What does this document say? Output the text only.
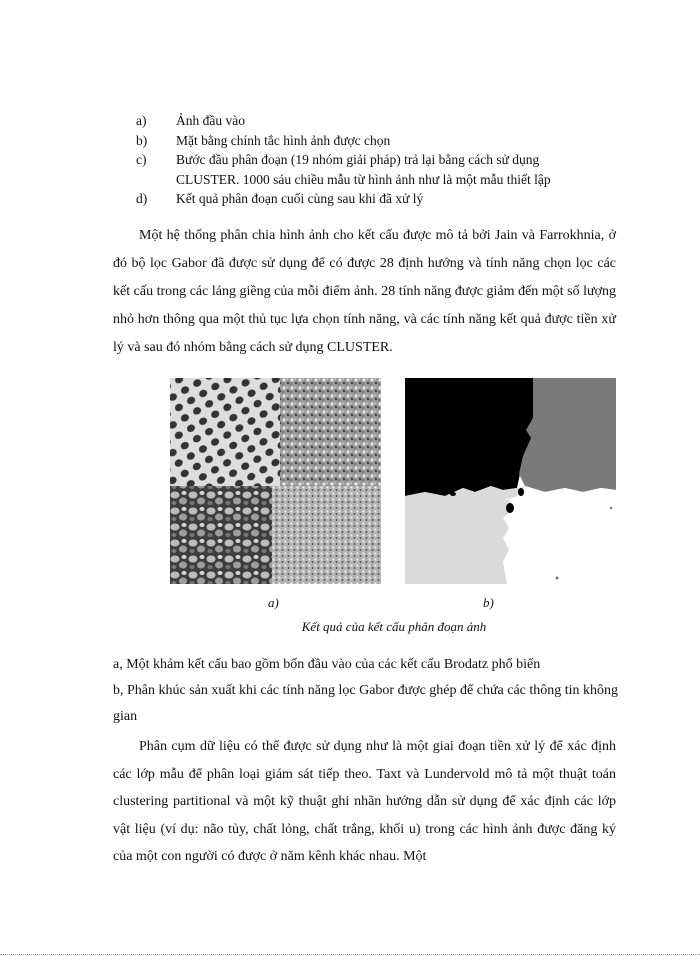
a)	Ảnh đầu vào
b)	Mặt bằng chính tắc hình ảnh được chọn
c)	Bước đầu phân đoạn (19 nhóm giải pháp) trả lại bằng cách sử dụng
CLUSTER. 1000 sáu chiều mẫu từ hình ảnh như là một mẫu thiết lập
d)	Kết quả phân đoạn cuối cùng sau khi đã xử lý
Một hệ thống phân chia hình ảnh cho kết cấu được mô tả bởi Jain và Farrokhnia, ở đó bộ lọc Gabor đã được sử dụng để có được 28 định hướng và tính năng chọn lọc các kết cấu trong các láng giềng của mỗi điểm ảnh. 28 tính năng được giảm đến một số lượng nhỏ hơn thông qua một thủ tục lựa chọn tính năng, và các tính năng kết quả được tiền xử lý và sau đó nhóm bằng cách sử dụng CLUSTER.
a)	b)
Kết quả của kết cấu phân đoạn ảnh
a, Một khảm kết cấu bao gồm bốn đầu vào của các kết cấu Brodatz phổ biến
b, Phân khúc sản xuất khi các tính năng lọc Gabor được ghép để chứa các thông tin không gian
Phân cụm dữ liệu có thể được sử dụng như là một giai đoạn tiền xử lý để xác định các lớp mẫu để phân loại giám sát tiếp theo. Taxt và Lundervold mô tả một thuật toán clustering partitional và một kỹ thuật ghi nhãn hướng dẫn sử dụng để xác định các lớp vật liệu (ví dụ: não tủy, chất lỏng, chất trắng, khối u) trong các hình ảnh được đăng ký của một con người có được ở năm kênh khác nhau. Một
